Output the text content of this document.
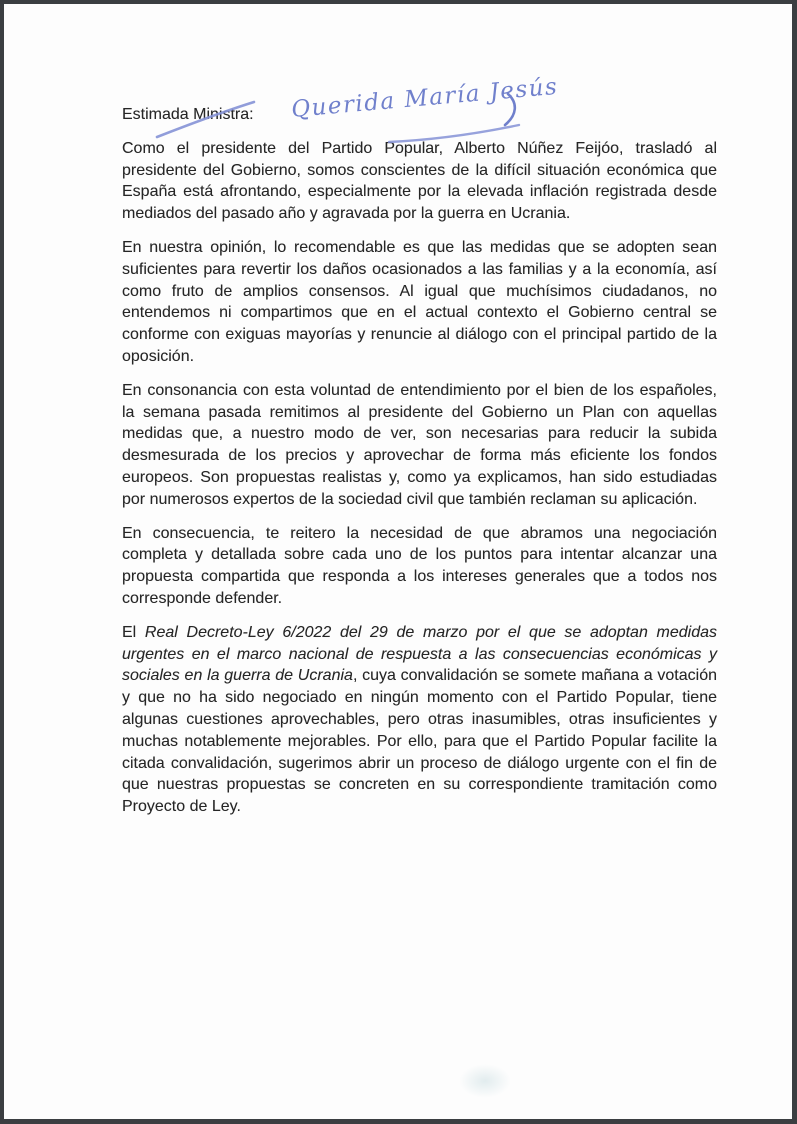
Estimada Ministra:

Como el presidente del Partido Popular, Alberto Núñez Feijóo, trasladó al presidente del Gobierno, somos conscientes de la difícil situación económica que España está afrontando, especialmente por la elevada inflación registrada desde mediados del pasado año y agravada por la guerra en Ucrania.

En nuestra opinión, lo recomendable es que las medidas que se adopten sean suficientes para revertir los daños ocasionados a las familias y a la economía, así como fruto de amplios consensos. Al igual que muchísimos ciudadanos, no entendemos ni compartimos que en el actual contexto el Gobierno central se conforme con exiguas mayorías y renuncie al diálogo con el principal partido de la oposición.

En consonancia con esta voluntad de entendimiento por el bien de los españoles, la semana pasada remitimos al presidente del Gobierno un Plan con aquellas medidas que, a nuestro modo de ver, son necesarias para reducir la subida desmesurada de los precios y aprovechar de forma más eficiente los fondos europeos. Son propuestas realistas y, como ya explicamos, han sido estudiadas por numerosos expertos de la sociedad civil que también reclaman su aplicación.

En consecuencia, te reitero la necesidad de que abramos una negociación completa y detallada sobre cada uno de los puntos para intentar alcanzar una propuesta compartida que responda a los intereses generales que a todos nos corresponde defender.

El Real Decreto-Ley 6/2022 del 29 de marzo por el que se adoptan medidas urgentes en el marco nacional de respuesta a las consecuencias económicas y sociales en la guerra de Ucrania, cuya convalidación se somete mañana a votación y que no ha sido negociado en ningún momento con el Partido Popular, tiene algunas cuestiones aprovechables, pero otras inasumibles, otras insuficientes y muchas notablemente mejorables. Por ello, para que el Partido Popular facilite la citada convalidación, sugerimos abrir un proceso de diálogo urgente con el fin de que nuestras propuestas se concreten en su correspondiente tramitación como Proyecto de Ley.

Querida María Jesús
